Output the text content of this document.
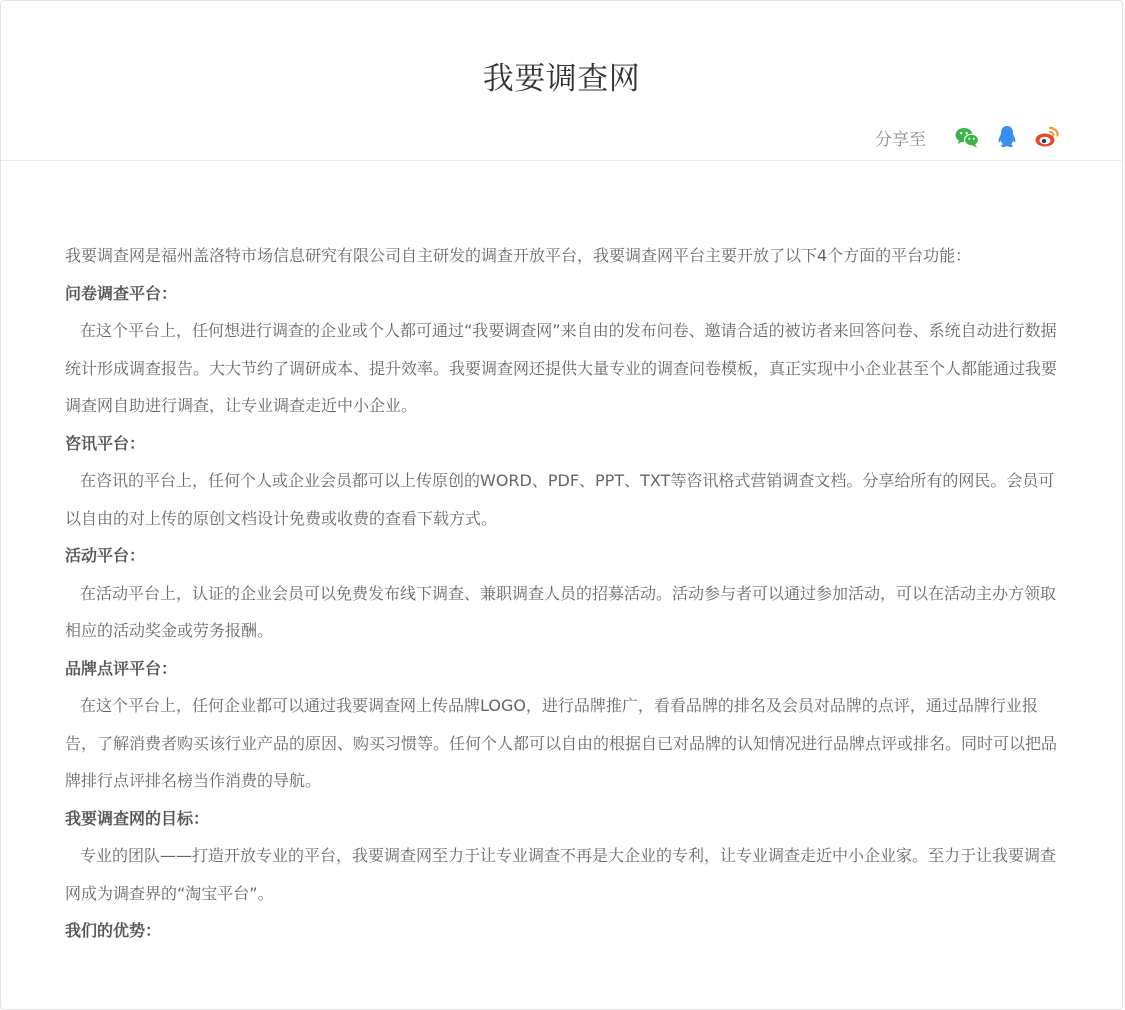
我要调查网
分享至

我要调查网是福州盖洛特市场信息研究有限公司自主研发的调查开放平台，我要调查网平台主要开放了以下4个方面的平台功能：

问卷调查平台：

在这个平台上，任何想进行调查的企业或个人都可通过“我要调查网”来自由的发布问卷、邀请合适的被访者来回答问卷、系统自动进行数据统计形成调查报告。大大节约了调研成本、提升效率。我要调查网还提供大量专业的调查问卷模板，真正实现中小企业甚至个人都能通过我要调查网自助进行调查，让专业调查走近中小企业。

咨讯平台：

在咨讯的平台上，任何个人或企业会员都可以上传原创的WORD、PDF、PPT、TXT等咨讯格式营销调查文档。分享给所有的网民。会员可以自由的对上传的原创文档设计免费或收费的查看下载方式。

活动平台：

在活动平台上，认证的企业会员可以免费发布线下调查、兼职调查人员的招募活动。活动参与者可以通过参加活动，可以在活动主办方领取相应的活动奖金或劳务报酬。

品牌点评平台：

在这个平台上，任何企业都可以通过我要调查网上传品牌LOGO，进行品牌推广，看看品牌的排名及会员对品牌的点评，通过品牌行业报告，了解消费者购买该行业产品的原因、购买习惯等。任何个人都可以自由的根据自已对品牌的认知情况进行品牌点评或排名。同时可以把品牌排行点评排名榜当作消费的导航。

我要调查网的目标：

专业的团队——打造开放专业的平台，我要调查网至力于让专业调查不再是大企业的专利，让专业调查走近中小企业家。至力于让我要调查网成为调查界的“淘宝平台”。

我们的优势：
